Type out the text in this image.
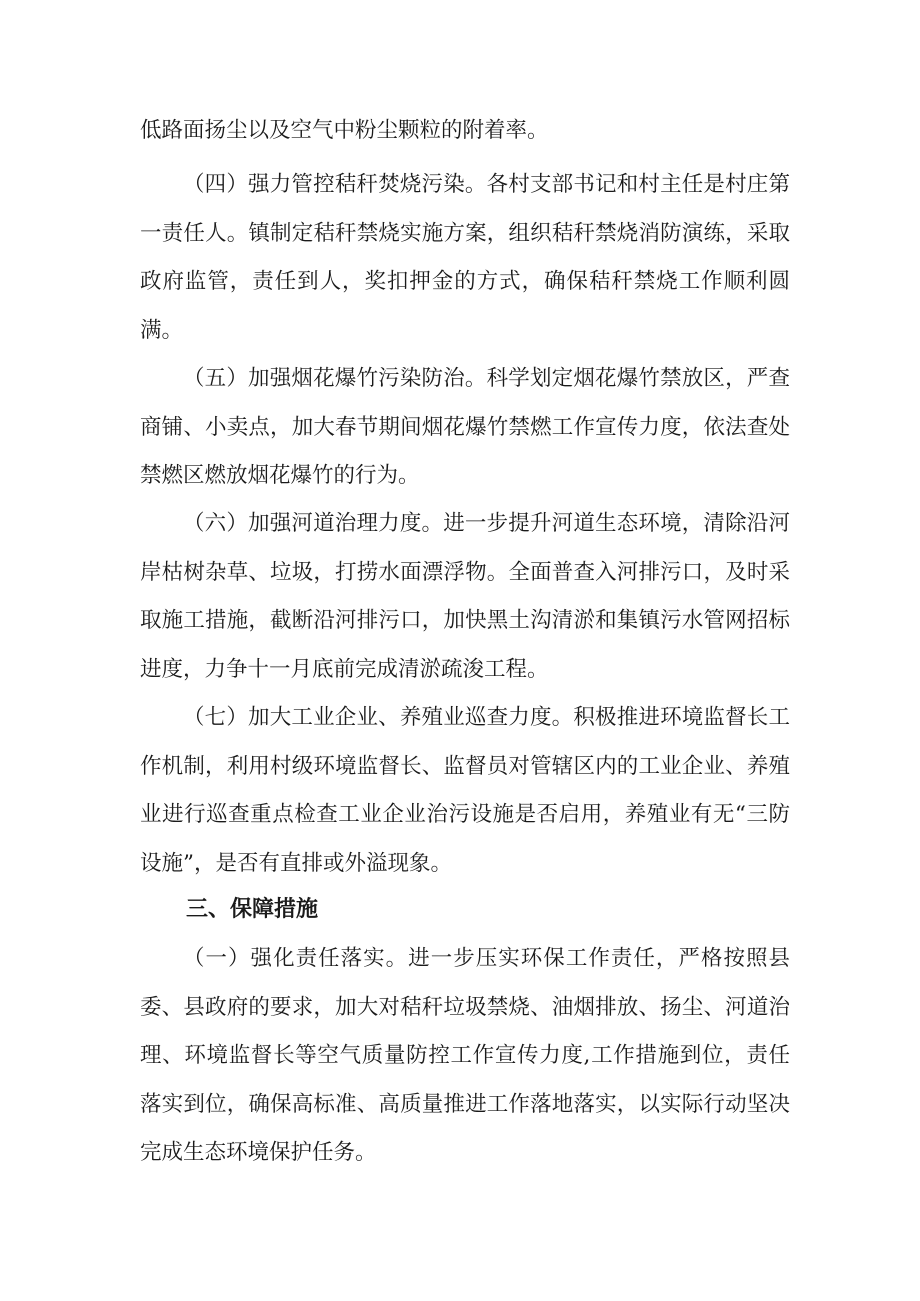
低路面扬尘以及空气中粉尘颗粒的附着率。

（四）强力管控秸秆焚烧污染。各村支部书记和村主任是村庄第一责任人。镇制定秸秆禁烧实施方案，组织秸秆禁烧消防演练，采取政府监管，责任到人，奖扣押金的方式，确保秸秆禁烧工作顺利圆满。

（五）加强烟花爆竹污染防治。科学划定烟花爆竹禁放区，严查商铺、小卖点，加大春节期间烟花爆竹禁燃工作宣传力度，依法查处禁燃区燃放烟花爆竹的行为。

（六）加强河道治理力度。进一步提升河道生态环境，清除沿河岸枯树杂草、垃圾，打捞水面漂浮物。全面普查入河排污口，及时采取施工措施，截断沿河排污口，加快黑土沟清淤和集镇污水管网招标进度，力争十一月底前完成清淤疏浚工程。

（七）加大工业企业、养殖业巡查力度。积极推进环境监督长工作机制，利用村级环境监督长、监督员对管辖区内的工业企业、养殖业进行巡查重点检查工业企业治污设施是否启用，养殖业有无“三防设施”，是否有直排或外溢现象。

三、保障措施

（一）强化责任落实。进一步压实环保工作责任，严格按照县委、县政府的要求，加大对秸秆垃圾禁烧、油烟排放、扬尘、河道治理、环境监督长等空气质量防控工作宣传力度,工作措施到位，责任落实到位，确保高标准、高质量推进工作落地落实，以实际行动坚决完成生态环境保护任务。
